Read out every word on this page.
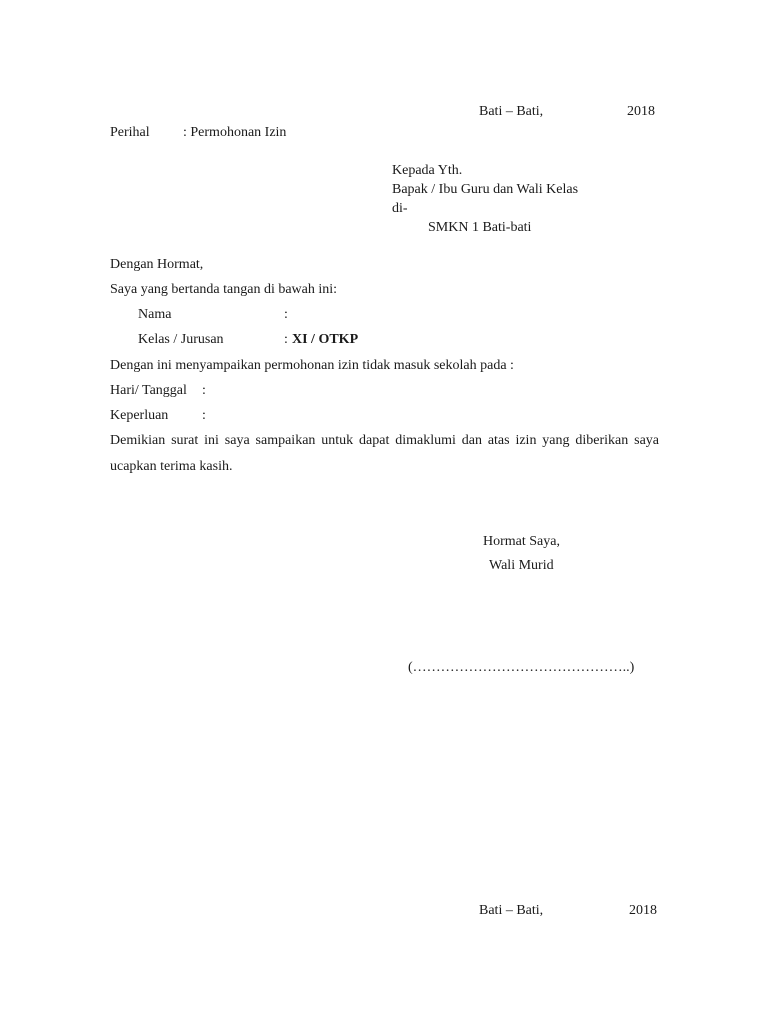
Bati – Bati,	2018
Perihal : Permohonan Izin
Kepada Yth.
Bapak / Ibu Guru dan Wali Kelas
di-
SMKN 1 Bati-bati
Dengan Hormat,
Saya yang bertanda tangan di bawah ini:
Nama	:
Kelas / Jurusan	: XI / OTKP
Dengan ini menyampaikan permohonan izin tidak masuk sekolah pada :
Hari/ Tanggal :
Keperluan :
Demikian surat ini saya sampaikan untuk dapat dimaklumi dan atas izin yang diberikan saya ucapkan terima kasih.
Hormat Saya,
Wali Murid
(………………………………………..)
Bati – Bati,	2018
